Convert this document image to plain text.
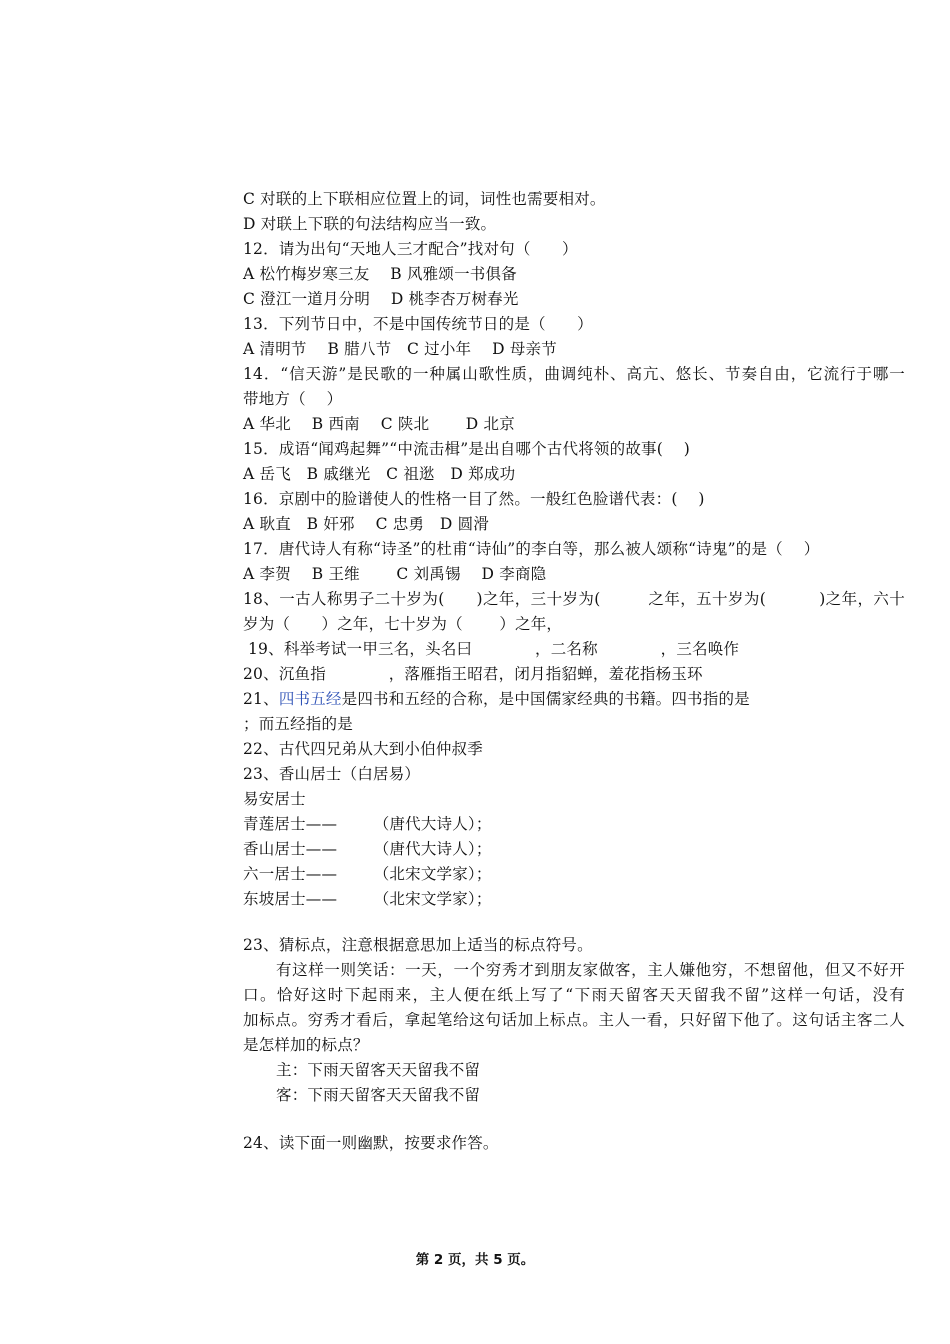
C 对联的上下联相应位置上的词，词性也需要相对。
D 对联上下联的句法结构应当一致。
12．请为出句“天地人三才配合”找对句（　　）
A 松竹梅岁寒三友　 B 风雅颂一书俱备
C 澄江一道月分明　 D 桃李杏万树春光
13．下列节日中，不是中国传统节日的是（　　）
A 清明节　 B 腊八节　C 过小年　 D 母亲节
14．“信天游”是民歌的一种属山歌性质，曲调纯朴、高亢、悠长、节奏自由，它流行于哪一
带地方（　 ）
A 华北　 B 西南　 C 陕北　　 D 北京
15．成语“闻鸡起舞”“中流击楫”是出自哪个古代将领的故事(　 )
A 岳飞　B 戚继光　C 祖逖　D 郑成功
16．京剧中的脸谱使人的性格一目了然。一般红色脸谱代表：(　 )
A 耿直　B 奸邪　 C 忠勇　D 圆滑
17．唐代诗人有称“诗圣”的杜甫“诗仙”的李白等，那么被人颂称“诗鬼”的是（　 ）
A 李贺　 B 王维　　 C 刘禹锡　 D 李商隐
18、一古人称男子二十岁为(　　)之年，三十岁为(　　　之年，五十岁为(　　　 )之年，六十
岁为（　　）之年，七十岁为（　　 ）之年，
19、科举考试一甲三名，头名曰　　　　，二名称　　　　，三名唤作
20、沉鱼指　　　　，落雁指王昭君，闭月指貂蝉，羞花指杨玉环
21、四书五经是四书和五经的合称，是中国儒家经典的书籍。四书指的是
；而五经指的是
22、古代四兄弟从大到小伯仲叔季
23、香山居士（白居易）
易安居士
青莲居士——　　 （唐代大诗人）；
香山居士——　　 （唐代大诗人）；
六一居士——　　 （北宋文学家）；
东坡居士——　　 （北宋文学家）；
23、猜标点，注意根据意思加上适当的标点符号。
有这样一则笑话：一天，一个穷秀才到朋友家做客，主人嫌他穷，不想留他，但又不好开
口。恰好这时下起雨来，主人便在纸上写了“下雨天留客天天留我不留”这样一句话，没有
加标点。穷秀才看后，拿起笔给这句话加上标点。主人一看，只好留下他了。这句话主客二人
是怎样加的标点？
主：下雨天留客天天留我不留
客：下雨天留客天天留我不留
24、读下面一则幽默，按要求作答。
第 2 页，共 5 页。
